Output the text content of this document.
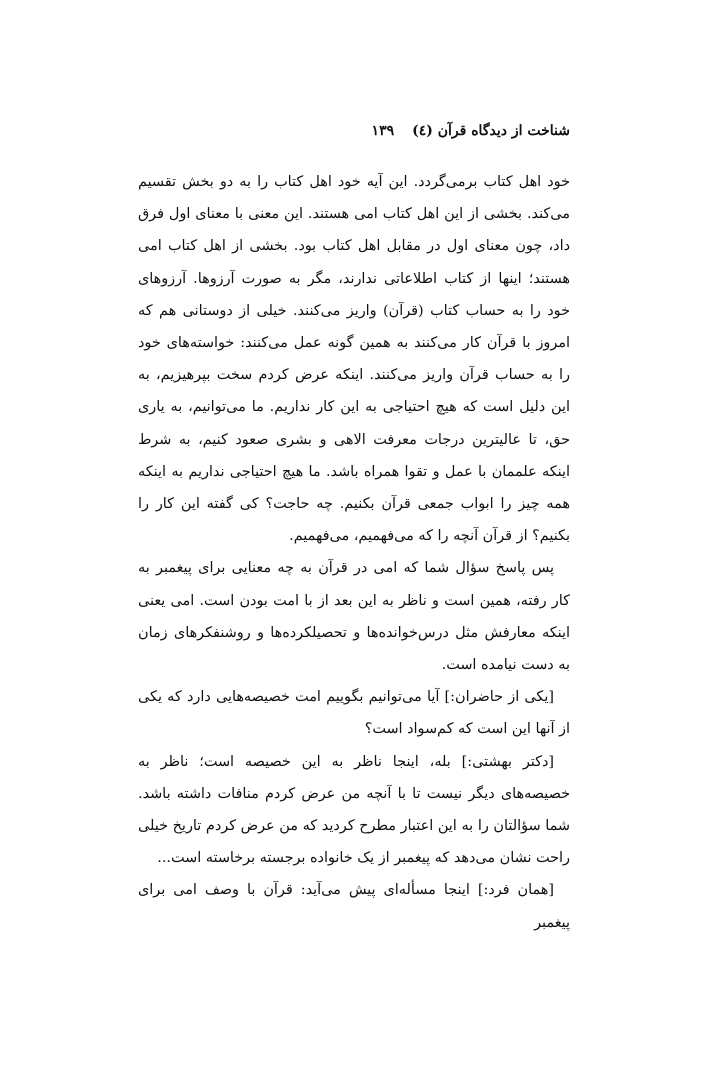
شناخت از دیدگاه قرآن (٤)
١٣٩

خود اهل کتاب برمی‌گردد. این آیه خود اهل کتاب را به دو بخش تقسیم می‌کند. بخشی از این اهل کتاب امی هستند. این معنی با معنای اول فرق داد، چون معنای اول در مقابل اهل کتاب بود. بخشی از اهل کتاب امی هستند؛ اینها از کتاب اطلاعاتی ندارند، مگر به صورت آرزوها. آرزوهای خود را به حساب کتاب (قرآن) واریز می‌کنند. خیلی از دوستانی هم که امروز با قرآن کار می‌کنند به همین گونه عمل می‌کنند: خواسته‌های خود را به حساب قرآن واریز می‌کنند. اینکه عرض کردم سخت بپرهیزیم، به این دلیل است که هیچ احتیاجی به این کار نداریم. ما می‌توانیم، به یاری حق، تا عالیترین درجات معرفت الاهی و بشری صعود کنیم، به شرط اینکه علممان با عمل و تقوا همراه باشد. ما هیچ احتیاجی نداریم به اینکه همه چیز را ابواب جمعی قرآن بکنیم. چه حاجت؟ کی گفته این کار را بکنیم؟ از قرآن آنچه را که می‌فهمیم، می‌فهمیم.

پس پاسخ سؤال شما که امی در قرآن به چه معنایی برای پیغمبر به کار رفته، همین است و ناظر به این بعد از با امت بودن است. امی یعنی اینکه معارفش مثل درس‌خوانده‌ها و تحصیلکرده‌ها و روشنفکرهای زمان به دست نیامده است.

[یکی از حاضران:] آیا می‌توانیم بگوییم امت خصیصه‌هایی دارد که یکی از آنها این است که کم‌سواد است؟

[دکتر بهشتی:] بله، اینجا ناظر به این خصیصه است؛ ناظر به خصیصه‌های دیگر نیست تا با آنچه من عرض کردم منافات داشته باشد. شما سؤالتان را به این اعتبار مطرح کردید که من عرض کردم تاریخ خیلی راحت نشان می‌دهد که پیغمبر از یک خانواده برجسته برخاسته است...

[همان فرد:] اینجا مسأله‌ای پیش می‌آید: قرآن با وصف امی برای پیغمبر
